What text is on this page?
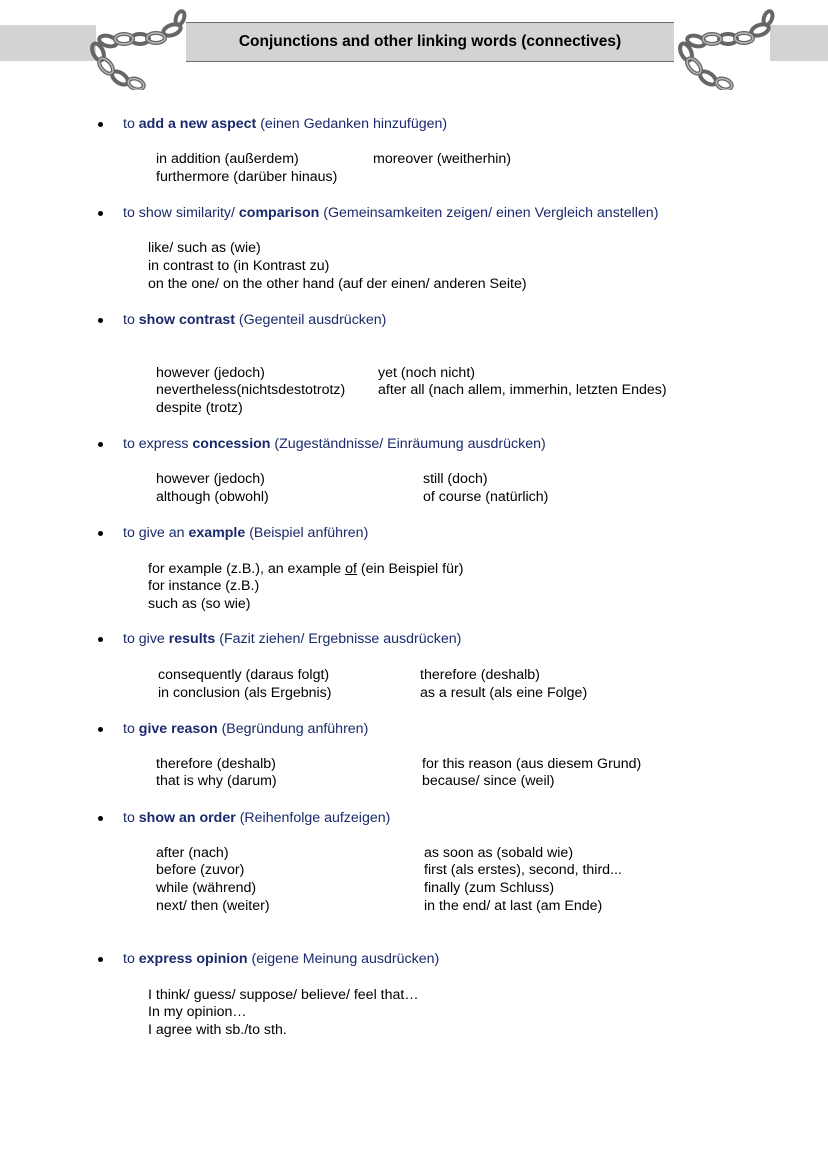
Conjunctions and other linking words (connectives)
to add a new aspect (einen Gedanken hinzufügen)
in addition (außerdem)
furthermore (darüber hinaus)
moreover (weitherhin)
to show similarity/ comparison (Gemeinsamkeiten zeigen/ einen Vergleich anstellen)
like/ such as (wie)
in contrast to (in Kontrast zu)
on the one/ on the other hand (auf der einen/ anderen Seite)
to show contrast (Gegenteil ausdrücken)
however (jedoch)
nevertheless(nichtsdestotrotz)
despite (trotz)
yet (noch nicht)
after all (nach allem, immerhin, letzten Endes)
to express concession (Zugeständnisse/ Einräumung ausdrücken)
however (jedoch)
although (obwohl)
still (doch)
of course (natürlich)
to give an example (Beispiel anführen)
for example (z.B.), an example of (ein Beispiel für)
for instance (z.B.)
such as (so wie)
to give results (Fazit ziehen/ Ergebnisse ausdrücken)
consequently (daraus folgt)
in conclusion (als Ergebnis)
therefore (deshalb)
as a result (als eine Folge)
to give reason (Begründung anführen)
therefore (deshalb)
that is why (darum)
for this reason (aus diesem Grund)
because/ since (weil)
to show an order (Reihenfolge aufzeigen)
after (nach)
before (zuvor)
while (während)
next/ then (weiter)
as soon as (sobald wie)
first (als erstes), second, third...
finally (zum Schluss)
in the end/ at last (am Ende)
to express opinion (eigene Meinung ausdrücken)
I think/ guess/ suppose/ believe/ feel that…
In my opinion…
I agree with sb./to sth.
